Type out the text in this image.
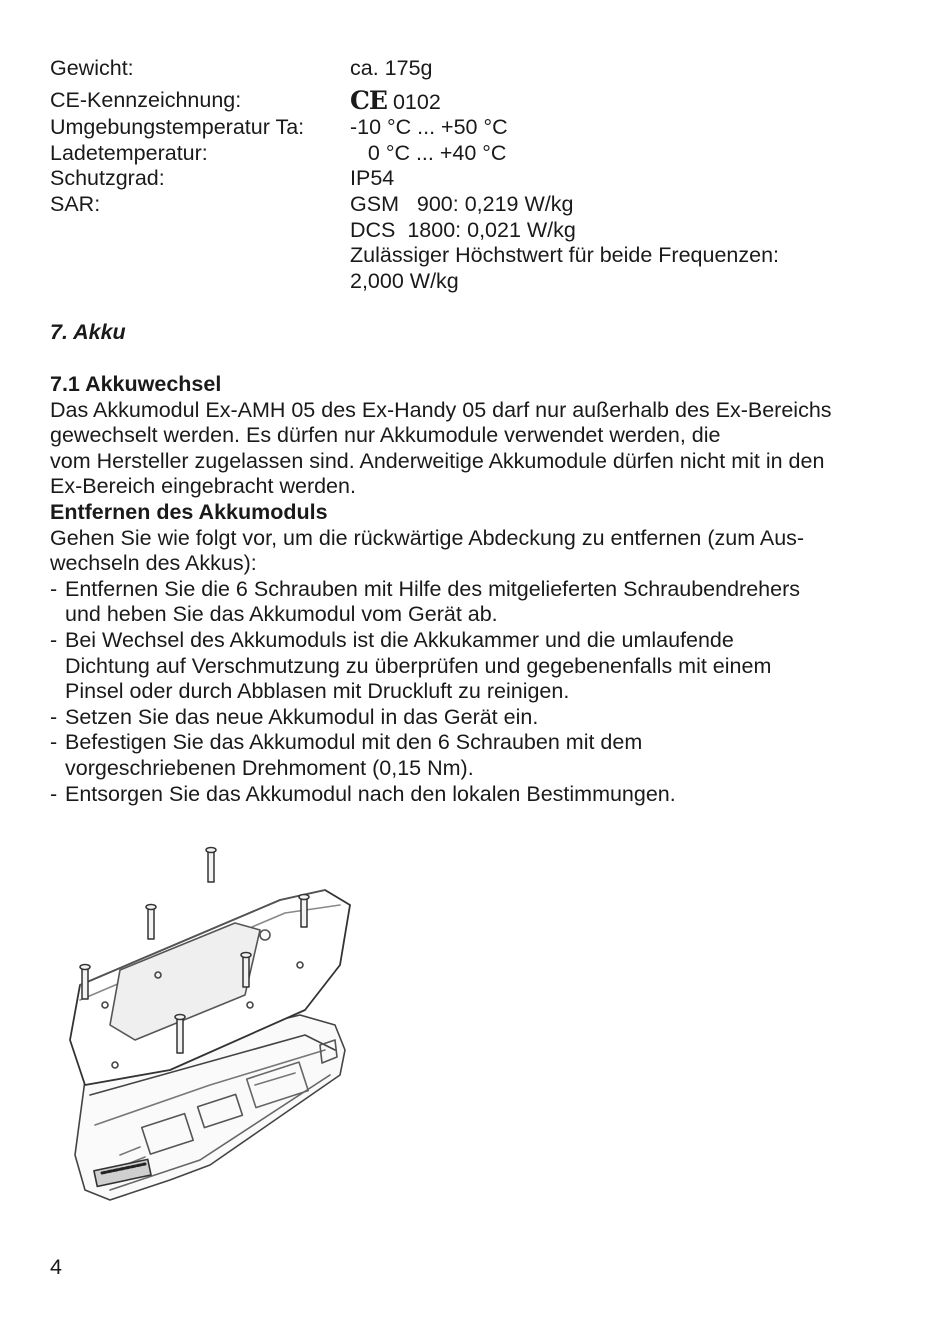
Gewicht:	ca. 175g
CE-Kennzeichnung:	CE 0102
Umgebungstemperatur Ta:	-10 °C ... +50 °C
Ladetemperatur:	0 °C ... +40 °C
Schutzgrad:	IP54
SAR:	GSM   900: 0,219 W/kg
DCS  1800: 0,021 W/kg
Zulässiger Höchstwert für beide Frequenzen:
2,000 W/kg
7. Akku

7.1 Akkuwechsel

Das Akkumodul Ex-AMH 05 des Ex-Handy 05 darf nur außerhalb des Ex-Bereichs

gewechselt werden. Es dürfen nur Akkumodule verwendet werden, die

vom Hersteller zugelassen sind. Anderweitige Akkumodule dürfen nicht mit in den

Ex-Bereich eingebracht werden.

Entfernen des Akkumoduls

Gehen Sie wie folgt vor, um die rückwärtige Abdeckung zu entfernen (zum Aus-

wechseln des Akkus):

- Entfernen Sie die 6 Schrauben mit Hilfe des mitgelieferten Schraubendrehers
und heben Sie das Akkumodul vom Gerät ab.
- Bei Wechsel des Akkumoduls ist die Akkukammer und die umlaufende
Dichtung auf Verschmutzung zu überprüfen und gegebenenfalls mit einem
Pinsel oder durch Abblasen mit Druckluft zu reinigen.
- Setzen Sie das neue Akkumodul in das Gerät ein.
- Befestigen Sie das Akkumodul mit den 6 Schrauben mit dem
vorgeschriebenen Drehmoment (0,15 Nm).
- Entsorgen Sie das Akkumodul nach den lokalen Bestimmungen.
4
